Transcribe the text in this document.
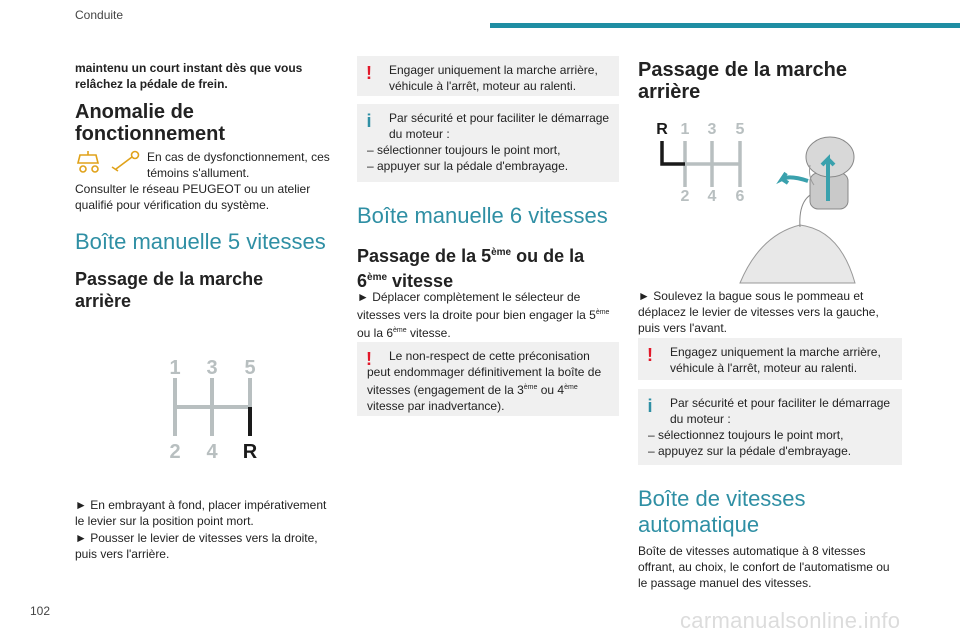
Conduite
maintenu un court instant dès que vous relâchez la pédale de frein.
Anomalie de fonctionnement
En cas de dysfonctionnement, ces témoins s'allument.
Consulter le réseau PEUGEOT ou un atelier qualifié pour vérification du système.
Boîte manuelle 5 vitesses
Passage de la marche arrière
1 3 5
2 4 R
► En embrayant à fond, placer impérativement le levier sur la position point mort.
► Pousser le levier de vitesses vers la droite, puis vers l'arrière.
!	Engager uniquement la marche arrière, véhicule à l'arrêt, moteur au ralenti.
i	Par sécurité et pour faciliter le démarrage du moteur :
– sélectionner toujours le point mort,
– appuyer sur la pédale d'embrayage.
Boîte manuelle 6 vitesses
Passage de la 5ème ou de la 6ème vitesse
► Déplacer complètement le sélecteur de vitesses vers la droite pour bien engager la 5ème ou la 6ème vitesse.
!	Le non-respect de cette préconisation peut endommager définitivement la boîte de vitesses (engagement de la 3ème ou 4ème vitesse par inadvertance).
Passage de la marche arrière
R 1 3 5
2 4 6
► Soulevez la bague sous le pommeau et déplacez le levier de vitesses vers la gauche, puis vers l'avant.
!	Engagez uniquement la marche arrière, véhicule à l'arrêt, moteur au ralenti.
i	Par sécurité et pour faciliter le démarrage du moteur :
– sélectionnez toujours le point mort,
– appuyez sur la pédale d'embrayage.
Boîte de vitesses automatique
Boîte de vitesses automatique à 8 vitesses offrant, au choix, le confort de l'automatisme ou le passage manuel des vitesses.
102	carmanualsonline.info
